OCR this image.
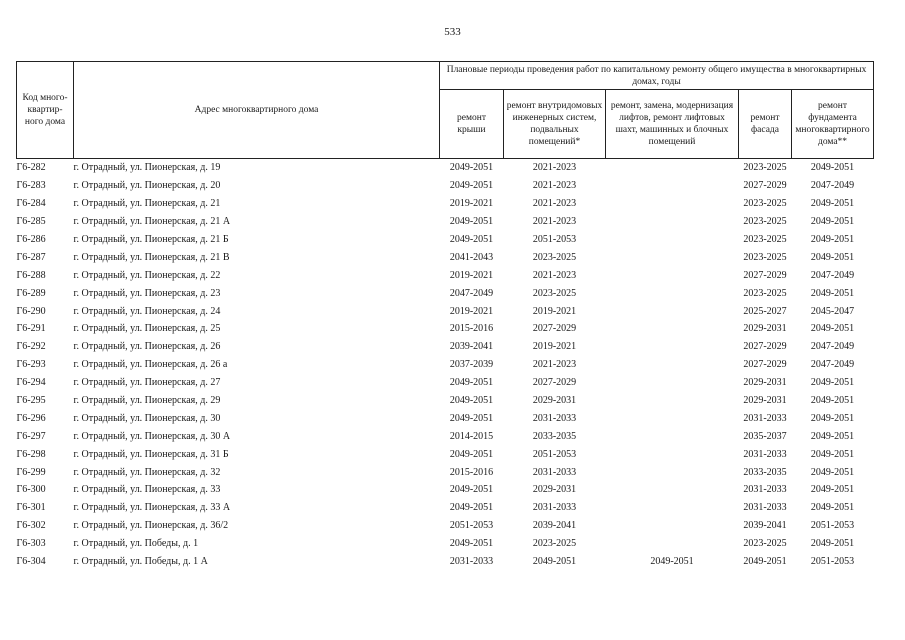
533
Код много-квартир-ного дома	Адрес многоквартирного дома	Плановые периоды проведения работ по капитальному ремонту общего имущества в многоквартирных домах, годы				
		ремонт крыши	ремонт внутридомовых инженерных систем, подвальных помещений*	ремонт, замена, модернизация лифтов, ремонт лифтовых шахт, машинных и блочных помещений	ремонт фасада	ремонт фундамента многоквартирного дома**
Г6-282	г. Отрадный, ул. Пионерская, д. 19	2049-2051	2021-2023		2023-2025	2049-2051
Г6-283	г. Отрадный, ул. Пионерская, д. 20	2049-2051	2021-2023		2027-2029	2047-2049
Г6-284	г. Отрадный, ул. Пионерская, д. 21	2019-2021	2021-2023		2023-2025	2049-2051
Г6-285	г. Отрадный, ул. Пионерская, д. 21 А	2049-2051	2021-2023		2023-2025	2049-2051
Г6-286	г. Отрадный, ул. Пионерская, д. 21 Б	2049-2051	2051-2053		2023-2025	2049-2051
Г6-287	г. Отрадный, ул. Пионерская, д. 21 В	2041-2043	2023-2025		2023-2025	2049-2051
Г6-288	г. Отрадный, ул. Пионерская, д. 22	2019-2021	2021-2023		2027-2029	2047-2049
Г6-289	г. Отрадный, ул. Пионерская, д. 23	2047-2049	2023-2025		2023-2025	2049-2051
Г6-290	г. Отрадный, ул. Пионерская, д. 24	2019-2021	2019-2021		2025-2027	2045-2047
Г6-291	г. Отрадный, ул. Пионерская, д. 25	2015-2016	2027-2029		2029-2031	2049-2051
Г6-292	г. Отрадный, ул. Пионерская, д. 26	2039-2041	2019-2021		2027-2029	2047-2049
Г6-293	г. Отрадный, ул. Пионерская, д. 26 а	2037-2039	2021-2023		2027-2029	2047-2049
Г6-294	г. Отрадный, ул. Пионерская, д. 27	2049-2051	2027-2029		2029-2031	2049-2051
Г6-295	г. Отрадный, ул. Пионерская, д. 29	2049-2051	2029-2031		2029-2031	2049-2051
Г6-296	г. Отрадный, ул. Пионерская, д. 30	2049-2051	2031-2033		2031-2033	2049-2051
Г6-297	г. Отрадный, ул. Пионерская, д. 30 А	2014-2015	2033-2035		2035-2037	2049-2051
Г6-298	г. Отрадный, ул. Пионерская, д. 31 Б	2049-2051	2051-2053		2031-2033	2049-2051
Г6-299	г. Отрадный, ул. Пионерская, д. 32	2015-2016	2031-2033		2033-2035	2049-2051
Г6-300	г. Отрадный, ул. Пионерская, д. 33	2049-2051	2029-2031		2031-2033	2049-2051
Г6-301	г. Отрадный, ул. Пионерская, д. 33 А	2049-2051	2031-2033		2031-2033	2049-2051
Г6-302	г. Отрадный, ул. Пионерская, д. 36/2	2051-2053	2039-2041		2039-2041	2051-2053
Г6-303	г. Отрадный, ул. Победы, д. 1	2049-2051	2023-2025		2023-2025	2049-2051
Г6-304	г. Отрадный, ул. Победы, д. 1 А	2031-2033	2049-2051	2049-2051	2049-2051	2051-2053
